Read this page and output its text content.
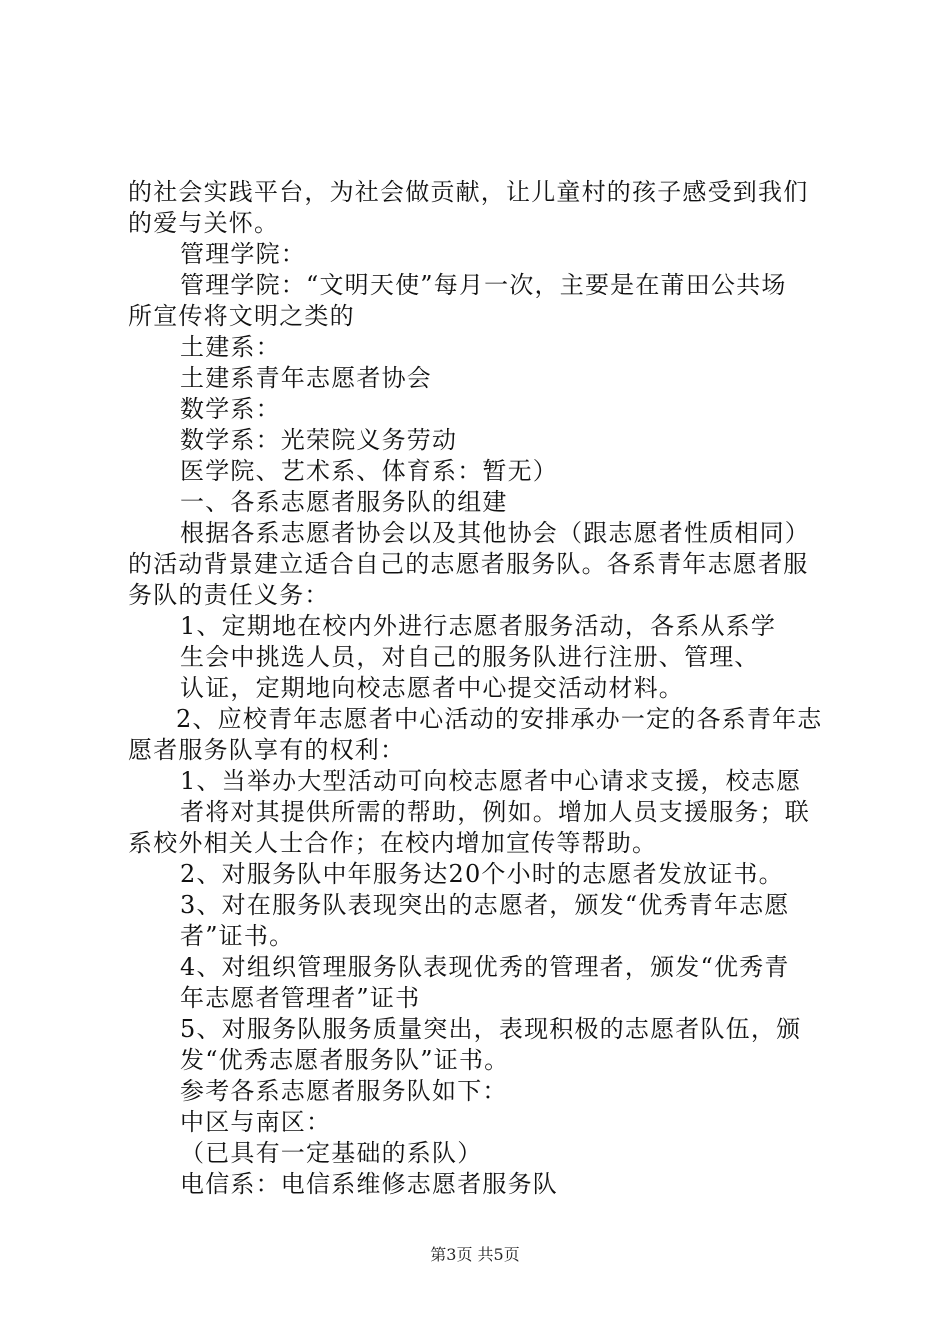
的社会实践平台，为社会做贡献，让儿童村的孩子感受到我们
的爱与关怀。
管理学院：
管理学院：“文明天使”每月一次，主要是在莆田公共场
所宣传将文明之类的
土建系：
土建系青年志愿者协会
数学系：
数学系：光荣院义务劳动
医学院、艺术系、体育系：暂无）
一、各系志愿者服务队的组建
根据各系志愿者协会以及其他协会（跟志愿者性质相同）
的活动背景建立适合自己的志愿者服务队。各系青年志愿者服
务队的责任义务：
1、定期地在校内外进行志愿者服务活动，各系从系学
生会中挑选人员，对自己的服务队进行注册、管理、
认证，定期地向校志愿者中心提交活动材料。
2、应校青年志愿者中心活动的安排承办一定的各系青年志
愿者服务队享有的权利：
1、当举办大型活动可向校志愿者中心请求支援，校志愿
者将对其提供所需的帮助，例如。增加人员支援服务；联
系校外相关人士合作；在校内增加宣传等帮助。
2、对服务队中年服务达20个小时的志愿者发放证书。
3、对在服务队表现突出的志愿者，颁发“优秀青年志愿
者”证书。
4、对组织管理服务队表现优秀的管理者，颁发“优秀青
年志愿者管理者”证书
5、对服务队服务质量突出，表现积极的志愿者队伍，颁
发“优秀志愿者服务队”证书。
参考各系志愿者服务队如下：
中区与南区：
（已具有一定基础的系队）
电信系：电信系维修志愿者服务队
第3页 共5页
